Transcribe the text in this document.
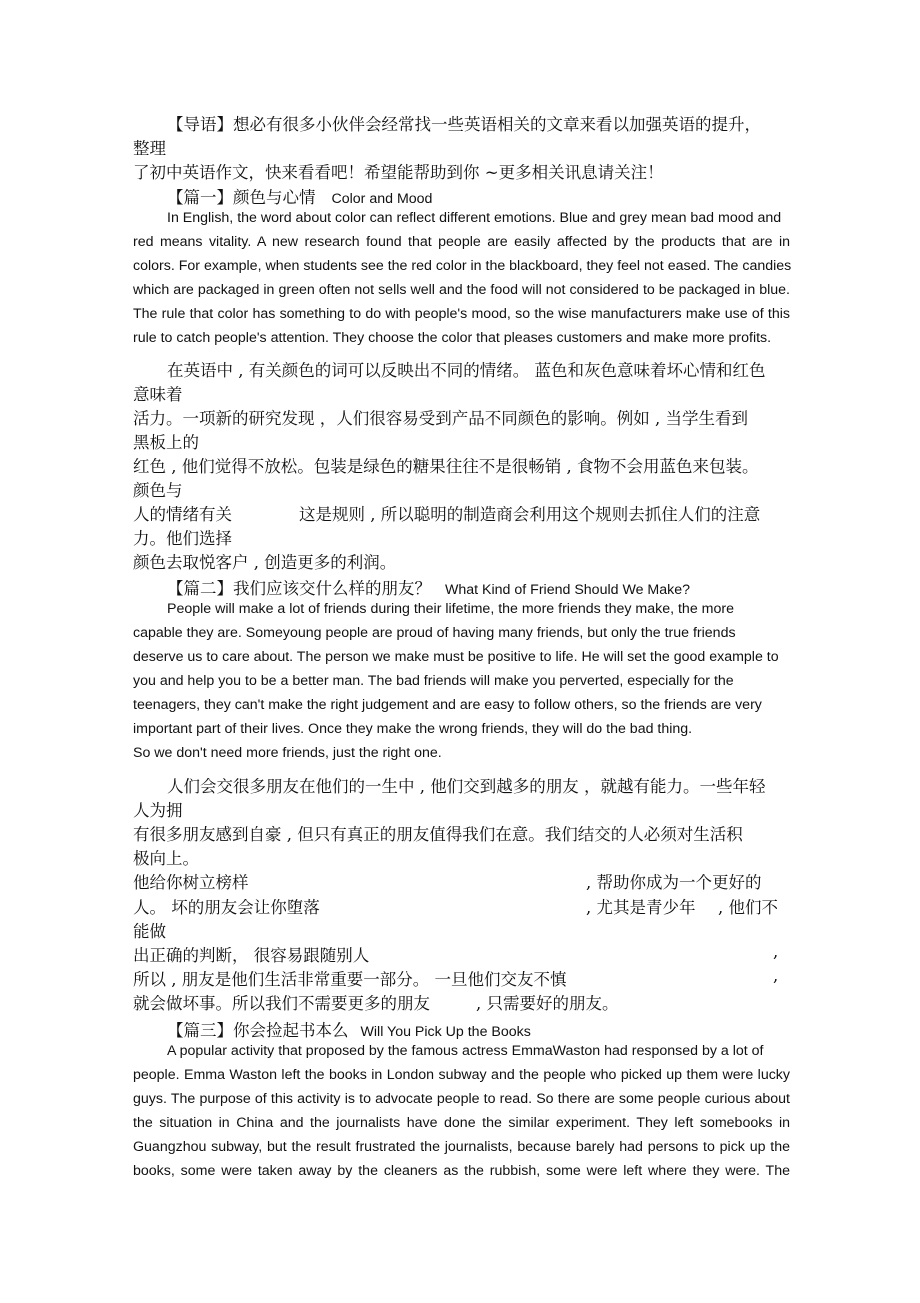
【导语】想必有很多小伙伴会经常找一些英语相关的文章来看以加强英语的提升，
整理
了初中英语作文，快来看看吧！希望能帮助到你 ~更多相关讯息请关注！
【篇一】颜色与心情 Color and Mood
In English, the word about color can reflect different emotions. Blue and grey mean bad mood and
red means vitality. A new research found that people are easily affected by the products that are in
colors. For example, when students see the red color in the blackboard, they feel not eased. The candies
which are packaged in green often not sells well and the food will not considered to be packaged in blue.
The rule that color has something to do with people's mood, so the wise manufacturers make use of this
rule to catch people's attention. They choose the color that pleases customers and make more profits.
在英语中 , 有关颜色的词可以反映出不同的情绪。 蓝色和灰色意味着坏心情和红色
意味着
活力。一项新的研究发现 ，人们很容易受到产品不同颜色的影响。例如 , 当学生看到
黑板上的
红色 , 他们觉得不放松。包装是绿色的糖果往往不是很畅销 , 食物不会用蓝色来包装。
颜色与
人的情绪有关	这是规则 , 所以聪明的制造商会利用这个规则去抓住人们的注意
力。他们选择
颜色去取悦客户 , 创造更多的利润。
【篇二】我们应该交什么样的朋友？ What Kind of Friend Should We Make?
People will make a lot of friends during their lifetime, the more friends they make, the more
capable they are. Someyoung people are proud of having many friends, but only the true friends
deserve us to care about. The person we make must be positive to life. He will set the good example to
you and help you to be a better man. The bad friends will make you perverted, especially for the
teenagers, they can't make the right judgement and are easy to follow others, so the friends are very
important part of their lives. Once they make the wrong friends, they will do the bad thing.
So we don't need more friends, just the right one.
人们会交很多朋友在他们的一生中 , 他们交到越多的朋友 ，就越有能力。一些年轻
人为拥
有很多朋友感到自豪 , 但只有真正的朋友值得我们在意。我们结交的人必须对生活积
极向上。
他给你树立榜样	, 帮助你成为一个更好的
人。 坏的朋友会让你堕落	, 尤其是青少年 , 他们不
能做
出正确的判断， 很容易跟随别人	,
所以 , 朋友是他们生活非常重要一部分。 一旦他们交友不慎	,
就会做坏事。所以我们不需要更多的朋友	, 只需要好的朋友。
【篇三】你会捡起书本么 Will You Pick Up the Books
A popular activity that proposed by the famous actress EmmaWaston had responsed by a lot of
people. Emma Waston left the books in London subway and the people who picked up them were lucky
guys. The purpose of this activity is to advocate people to read. So there are some people curious about
the situation in China and the journalists have done the similar experiment. They left somebooks in
Guangzhou subway, but the result frustrated the journalists, because barely had persons to pick up the
books, some were taken away by the cleaners as the rubbish, some were left where they were. The
